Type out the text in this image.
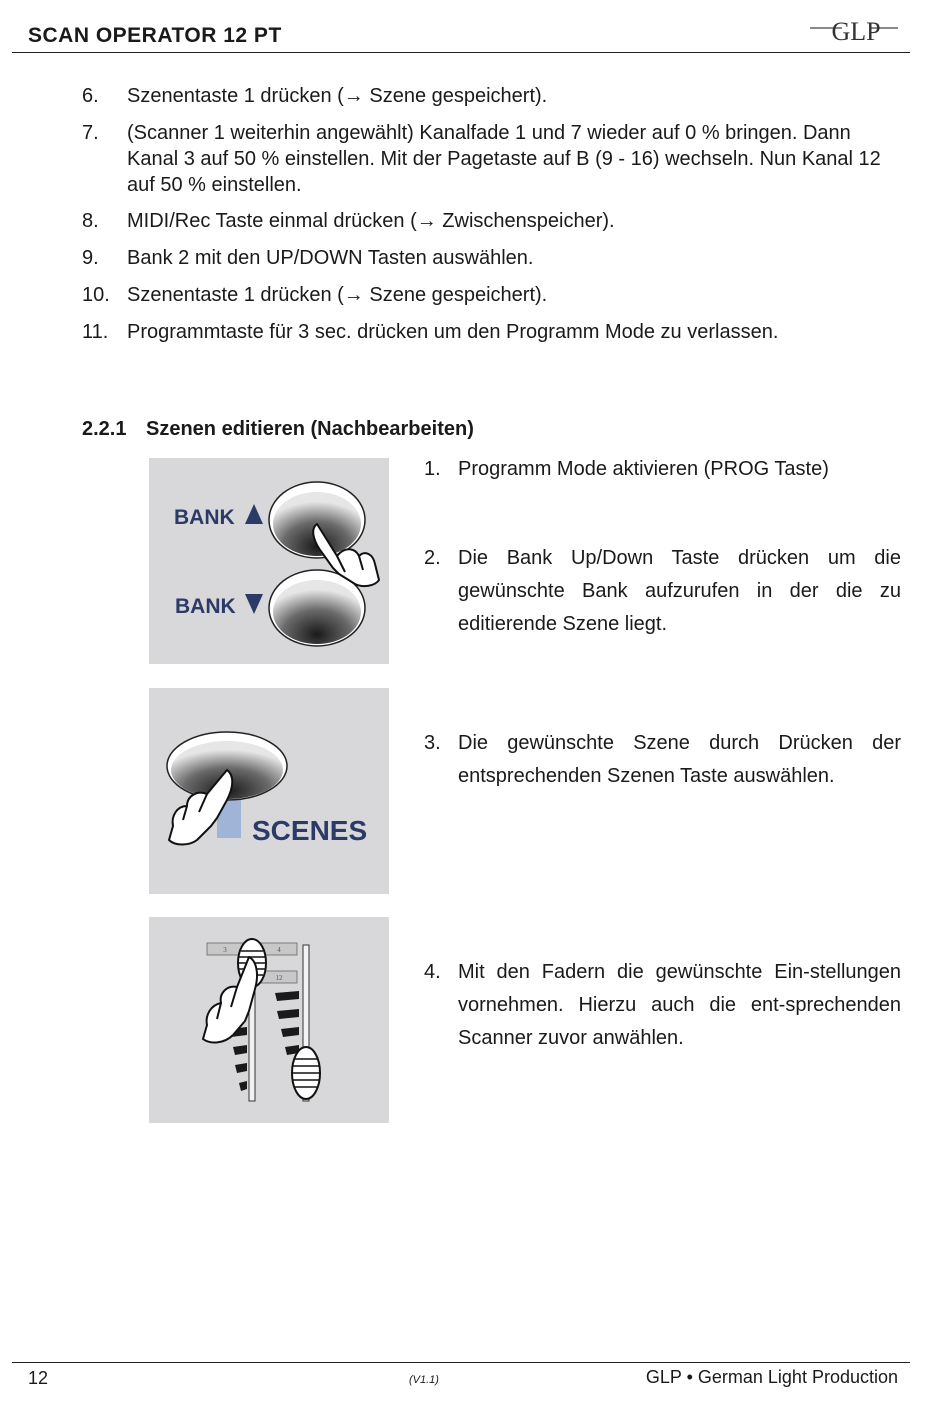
SCAN OPERATOR 12 PT	GLP
6. Szenentaste 1 drücken (→ Szene gespeichert).
7. (Scanner 1 weiterhin angewählt) Kanalfade 1 und 7 wieder auf 0 % bringen. Dann Kanal 3 auf 50 % einstellen. Mit der Pagetaste auf B (9 - 16) wechseln. Nun Kanal 12 auf 50 % einstellen.
8. MIDI/Rec Taste einmal drücken (→ Zwischenspeicher).
9. Bank 2 mit den UP/DOWN Tasten auswählen.
10. Szenentaste 1 drücken (→ Szene gespeichert).
11. Programmtaste für 3 sec. drücken um den Programm Mode zu verlassen.
2.2.1 Szenen editieren (Nachbearbeiten)
BANK
BANK
SCENES
3	4
12
1. Programm Mode aktivieren (PROG Taste)
2. Die Bank Up/Down Taste drücken um die gewünschte Bank aufzurufen in der die zu editierende Szene liegt.
3. Die gewünschte Szene durch Drücken der entsprechenden Szenen Taste auswählen.
4. Mit den Fadern die gewünschte Ein-stellungen vornehmen. Hierzu auch die ent-sprechenden Scanner zuvor anwählen.
12	(V1.1)	GLP • German Light Production
